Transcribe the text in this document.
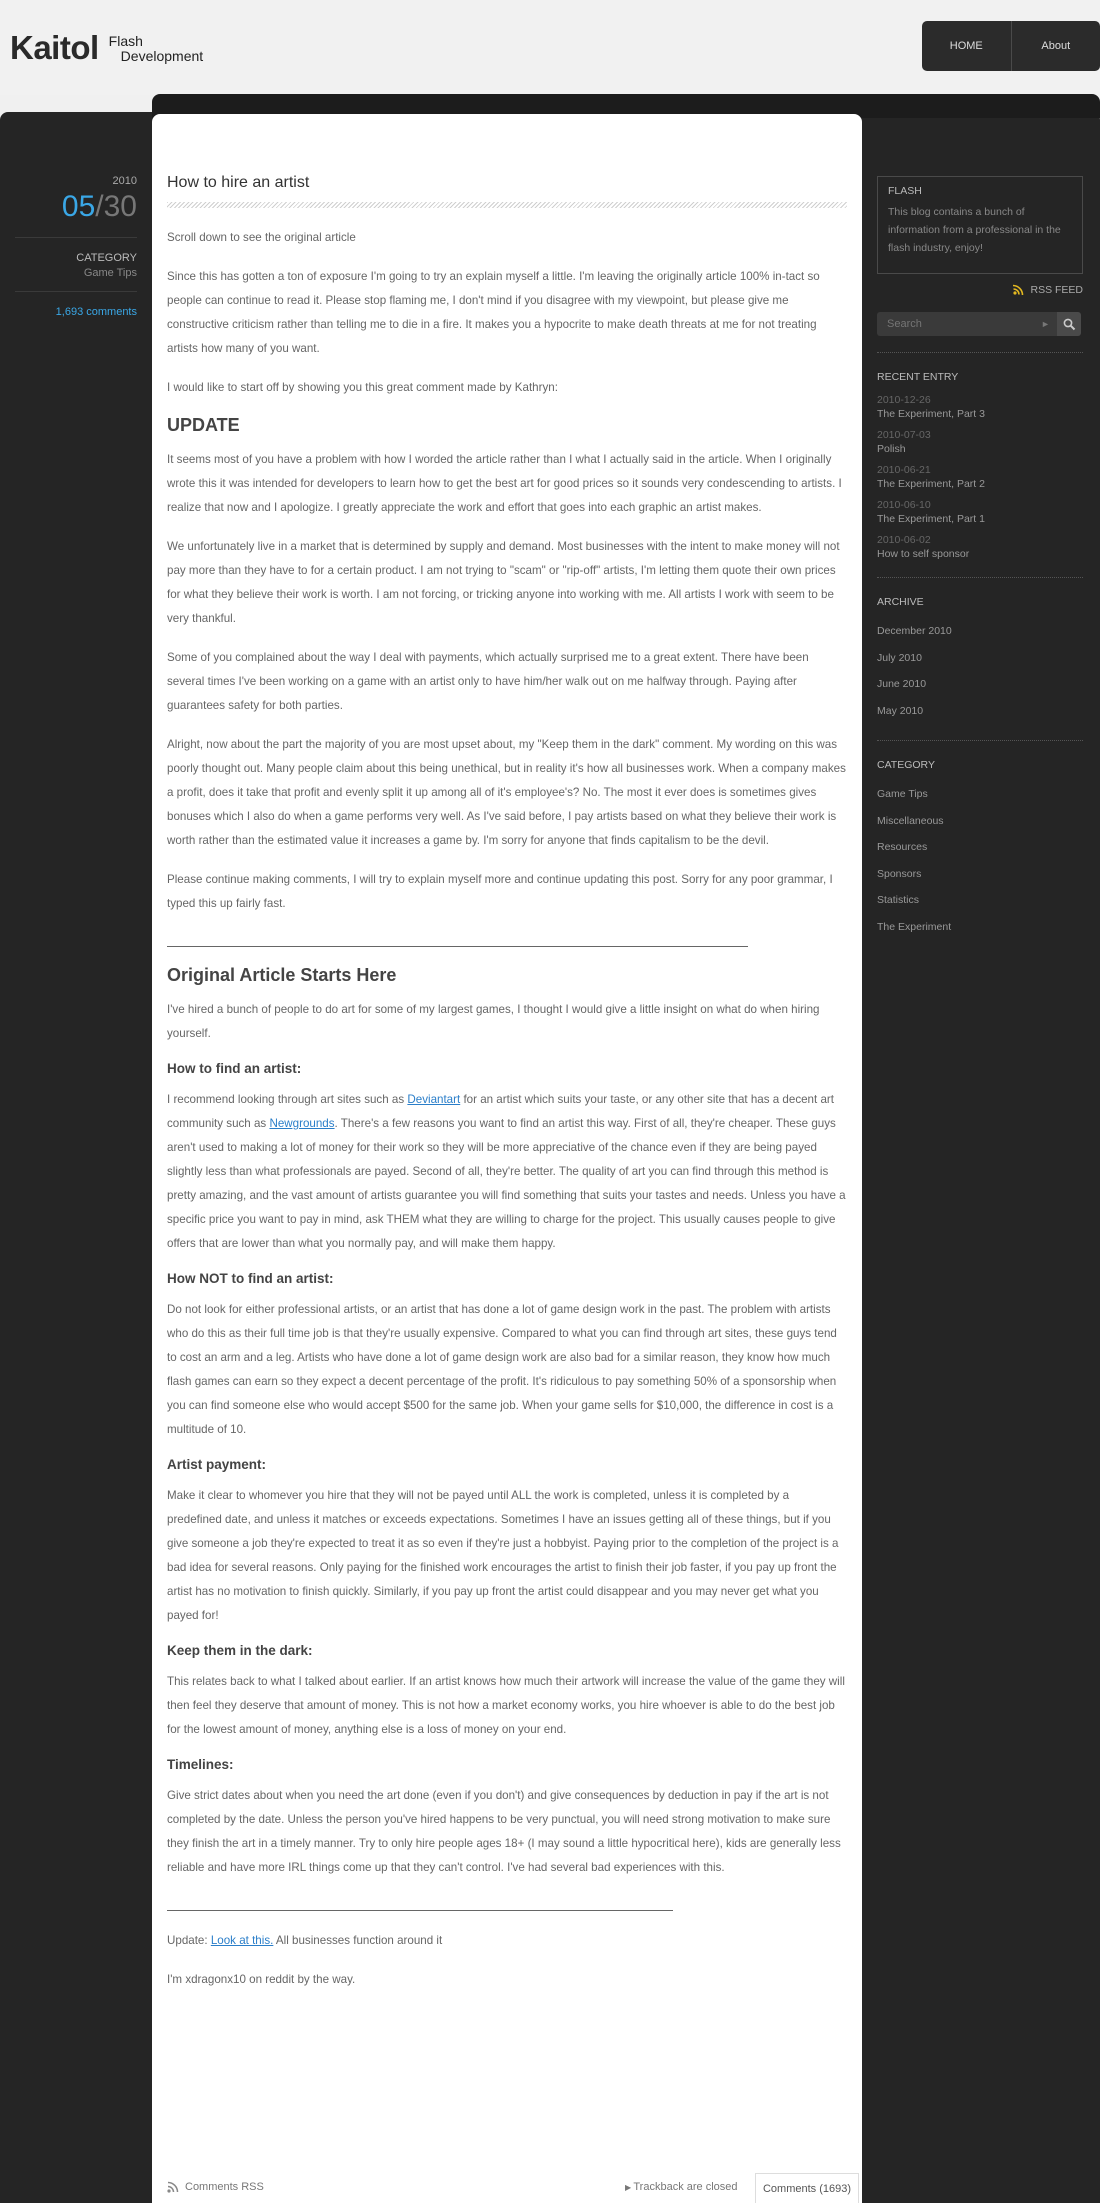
Kaitol Flash
Development
HOME	About
2010
05/30
CATEGORY
Game Tips
1,693 comments
How to hire an artist

Scroll down to see the original article

Since this has gotten a ton of exposure I'm going to try an explain myself a little. I'm leaving the originally article 100% in-tact so people can continue to read it. Please stop flaming me, I don't mind if you disagree with my viewpoint, but please give me constructive criticism rather than telling me to die in a fire. It makes you a hypocrite to make death threats at me for not treating artists how many of you want.

I would like to start off by showing you this great comment made by Kathryn:

UPDATE

It seems most of you have a problem with how I worded the article rather than I what I actually said in the article. When I originally wrote this it was intended for developers to learn how to get the best art for good prices so it sounds very condescending to artists. I realize that now and I apologize. I greatly appreciate the work and effort that goes into each graphic an artist makes.

We unfortunately live in a market that is determined by supply and demand. Most businesses with the intent to make money will not pay more than they have to for a certain product. I am not trying to "scam" or "rip-off" artists, I'm letting them quote their own prices for what they believe their work is worth. I am not forcing, or tricking anyone into working with me. All artists I work with seem to be very thankful.

Some of you complained about the way I deal with payments, which actually surprised me to a great extent. There have been several times I've been working on a game with an artist only to have him/her walk out on me halfway through. Paying after guarantees safety for both parties.

Alright, now about the part the majority of you are most upset about, my "Keep them in the dark" comment. My wording on this was poorly thought out. Many people claim about this being unethical, but in reality it's how all businesses work. When a company makes a profit, does it take that profit and evenly split it up among all of it's employee's? No. The most it ever does is sometimes gives bonuses which I also do when a game performs very well. As I've said before, I pay artists based on what they believe their work is worth rather than the estimated value it increases a game by. I'm sorry for anyone that finds capitalism to be the devil.

Please continue making comments, I will try to explain myself more and continue updating this post. Sorry for any poor grammar, I typed this up fairly fast.

Original Article Starts Here

I've hired a bunch of people to do art for some of my largest games, I thought I would give a little insight on what do when hiring yourself.

How to find an artist:

I recommend looking through art sites such as Deviantart for an artist which suits your taste, or any other site that has a decent art community such as Newgrounds. There's a few reasons you want to find an artist this way. First of all, they're cheaper. These guys aren't used to making a lot of money for their work so they will be more appreciative of the chance even if they are being payed slightly less than what professionals are payed. Second of all, they're better. The quality of art you can find through this method is pretty amazing, and the vast amount of artists guarantee you will find something that suits your tastes and needs. Unless you have a specific price you want to pay in mind, ask THEM what they are willing to charge for the project. This usually causes people to give offers that are lower than what you normally pay, and will make them happy.

How NOT to find an artist:

Do not look for either professional artists, or an artist that has done a lot of game design work in the past. The problem with artists who do this as their full time job is that they're usually expensive. Compared to what you can find through art sites, these guys tend to cost an arm and a leg. Artists who have done a lot of game design work are also bad for a similar reason, they know how much flash games can earn so they expect a decent percentage of the profit. It's ridiculous to pay something 50% of a sponsorship when you can find someone else who would accept $500 for the same job. When your game sells for $10,000, the difference in cost is a multitude of 10.

Artist payment:

Make it clear to whomever you hire that they will not be payed until ALL the work is completed, unless it is completed by a predefined date, and unless it matches or exceeds expectations. Sometimes I have an issues getting all of these things, but if you give someone a job they're expected to treat it as so even if they're just a hobbyist. Paying prior to the completion of the project is a bad idea for several reasons. Only paying for the finished work encourages the artist to finish their job faster, if you pay up front the artist has no motivation to finish quickly. Similarly, if you pay up front the artist could disappear and you may never get what you payed for!

Keep them in the dark:

This relates back to what I talked about earlier. If an artist knows how much their artwork will increase the value of the game they will then feel they deserve that amount of money. This is not how a market economy works, you hire whoever is able to do the best job for the lowest amount of money, anything else is a loss of money on your end.

Timelines:

Give strict dates about when you need the art done (even if you don't) and give consequences by deduction in pay if the art is not completed by the date. Unless the person you've hired happens to be very punctual, you will need strong motivation to make sure they finish the art in a timely manner. Try to only hire people ages 18+ (I may sound a little hypocritical here), kids are generally less reliable and have more IRL things come up that they can't control. I've had several bad experiences with this.

Update: Look at this. All businesses function around it

I'm xdragonx10 on reddit by the way.

Comments RSS	▶ Trackback are closed	Comments (1693)
FLASH
This blog contains a bunch of information from a professional in the flash industry, enjoy!
RSS FEED
Search
►
RECENT ENTRY
2010-12-26
The Experiment, Part 3
2010-07-03
Polish
2010-06-21
The Experiment, Part 2
2010-06-10
The Experiment, Part 1
2010-06-02
How to self sponsor
ARCHIVE
December 2010
July 2010
June 2010
May 2010
CATEGORY
Game Tips
Miscellaneous
Resources
Sponsors
Statistics
The Experiment
